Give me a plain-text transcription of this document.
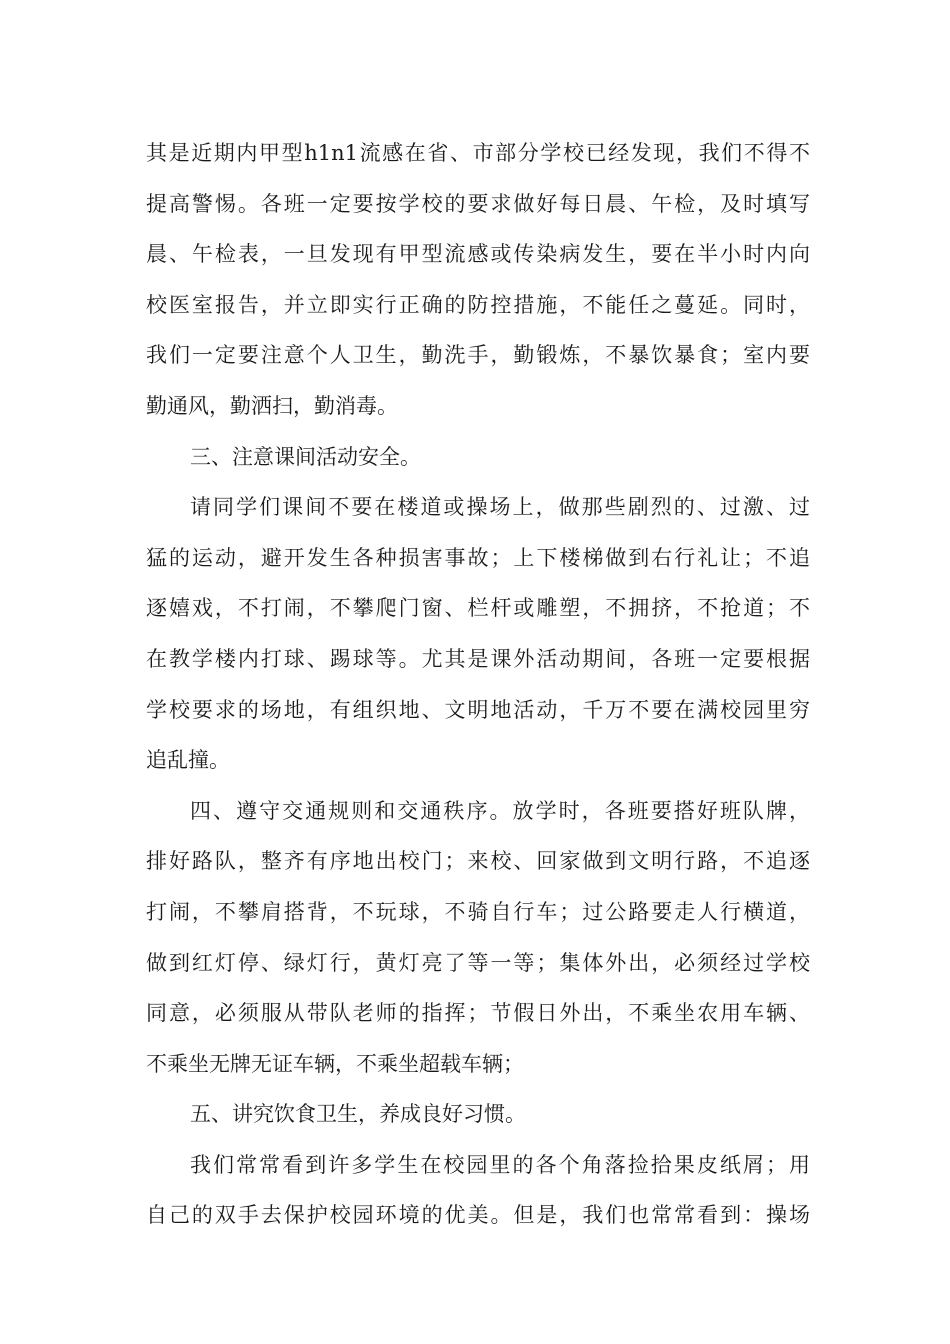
其是近期内甲型h1n1流感在省、市部分学校已经发现，我们不得不
提高警惕。各班一定要按学校的要求做好每日晨、午检，及时填写
晨、午检表，一旦发现有甲型流感或传染病发生，要在半小时内向
校医室报告，并立即实行正确的防控措施，不能任之蔓延。同时，
我们一定要注意个人卫生，勤洗手，勤锻炼，不暴饮暴食；室内要
勤通风，勤洒扫，勤消毒。
三、注意课间活动安全。
请同学们课间不要在楼道或操场上，做那些剧烈的、过激、过
猛的运动，避开发生各种损害事故；上下楼梯做到右行礼让；不追
逐嬉戏，不打闹，不攀爬门窗、栏杆或雕塑，不拥挤，不抢道；不
在教学楼内打球、踢球等。尤其是课外活动期间，各班一定要根据
学校要求的场地，有组织地、文明地活动，千万不要在满校园里穷
追乱撞。
四、遵守交通规则和交通秩序。放学时，各班要搭好班队牌，
排好路队，整齐有序地出校门；来校、回家做到文明行路，不追逐
打闹，不攀肩搭背，不玩球，不骑自行车；过公路要走人行横道，
做到红灯停、绿灯行，黄灯亮了等一等；集体外出，必须经过学校
同意，必须服从带队老师的指挥；节假日外出，不乘坐农用车辆、
不乘坐无牌无证车辆，不乘坐超载车辆；
五、讲究饮食卫生，养成良好习惯。
我们常常看到许多学生在校园里的各个角落捡拾果皮纸屑；用
自己的双手去保护校园环境的优美。但是，我们也常常看到：操场
